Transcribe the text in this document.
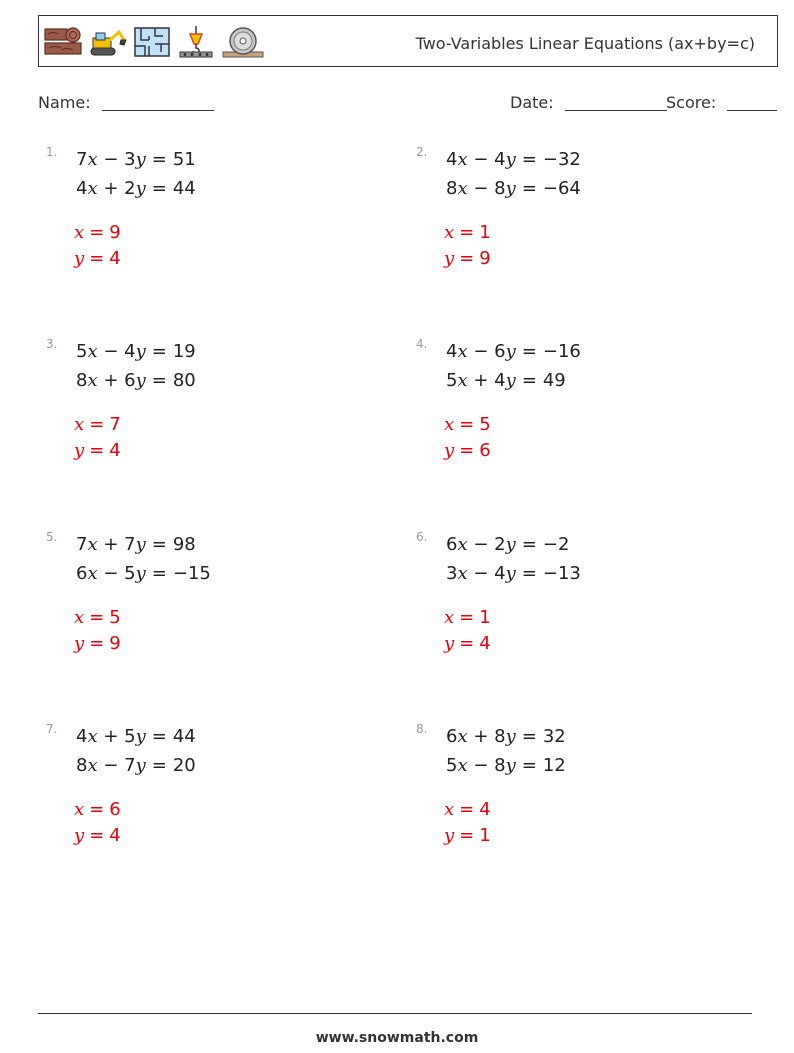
Two-Variables Linear Equations (ax+by=c)
Name:	Date:	Score:
1. 7x − 3y = 51
4x + 2y = 44
x = 9
y = 4
2. 4x − 4y = −32
8x − 8y = −64
x = 1
y = 9
3. 5x − 4y = 19
8x + 6y = 80
x = 7
y = 4
4. 4x − 6y = −16
5x + 4y = 49
x = 5
y = 6
5. 7x + 7y = 98
6x − 5y = −15
x = 5
y = 9
6. 6x − 2y = −2
3x − 4y = −13
x = 1
y = 4
7. 4x + 5y = 44
8x − 7y = 20
x = 6
y = 4
8. 6x + 8y = 32
5x − 8y = 12
x = 4
y = 1
www.snowmath.com
